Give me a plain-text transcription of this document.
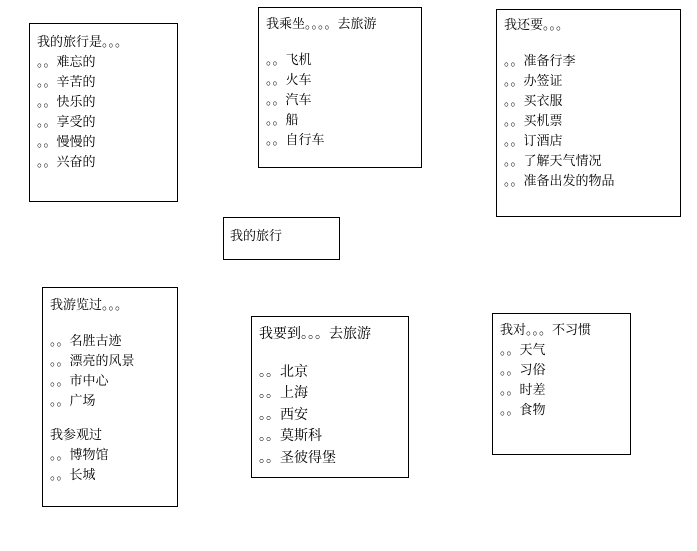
我的旅行是。。。
。。难忘的
。。辛苦的
。。快乐的
。。享受的
。。慢慢的
。。兴奋的
我乘坐。。。。去旅游
。。飞机
。。火车
。。汽车
。。船
。。自行车
我还要。。。
。。准备行李
。。办签证
。。买衣服
。。买机票
。。订酒店
。。了解天气情况
。。准备出发的物品
我的旅行
我游览过。。。
。。名胜古迹
。。漂亮的风景
。。市中心
。。广场
我参观过
。。博物馆
。。长城
我要到。。。去旅游
。。北京
。。上海
。。西安
。。莫斯科
。。圣彼得堡
我对。。。不习惯
。。天气
。。习俗
。。时差
。。食物
